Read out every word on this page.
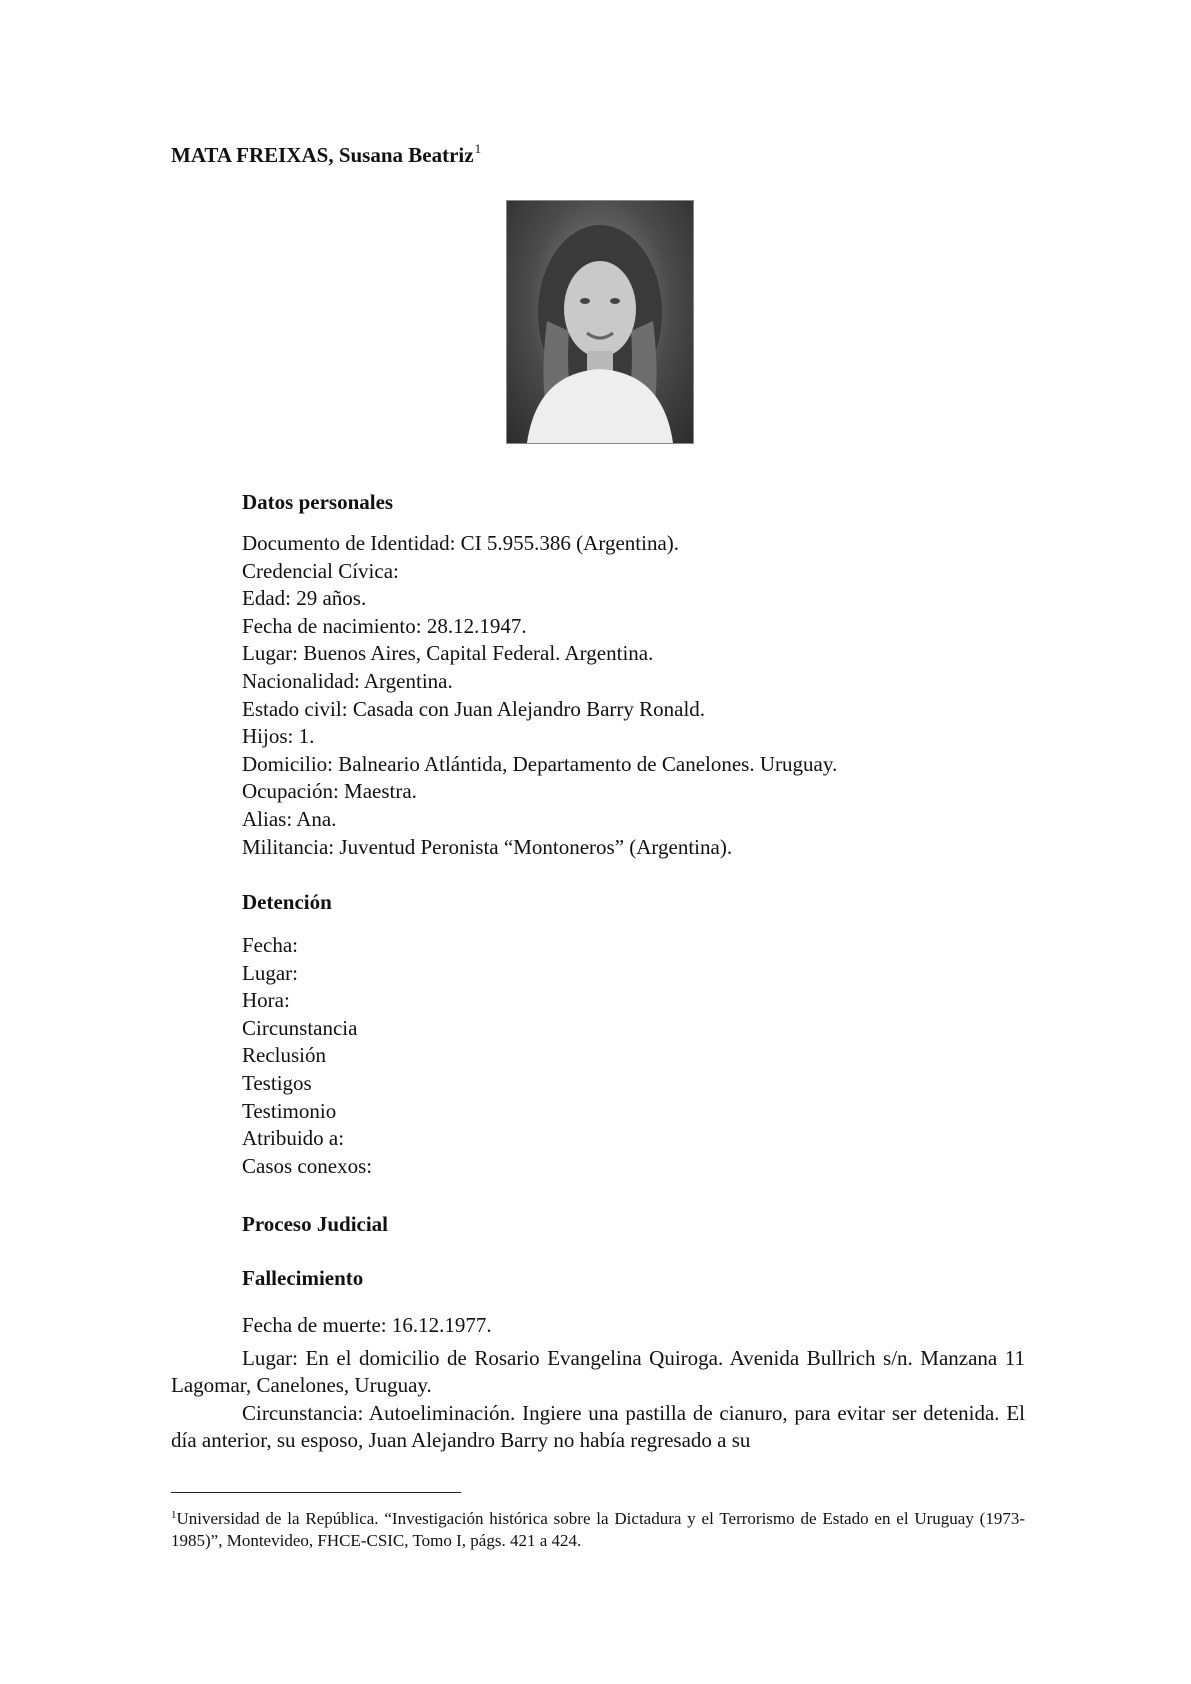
MATA FREIXAS, Susana Beatriz$^1$
Datos personales
Documento de Identidad: CI 5.955.386 (Argentina).
Credencial Cívica:
Edad: 29 años.
Fecha de nacimiento: 28.12.1947.
Lugar: Buenos Aires, Capital Federal. Argentina.
Nacionalidad: Argentina.
Estado civil: Casada con Juan Alejandro Barry Ronald.
Hijos: 1.
Domicilio: Balneario Atlántida, Departamento de Canelones. Uruguay.
Ocupación: Maestra.
Alias: Ana.
Militancia: Juventud Peronista “Montoneros” (Argentina).
Detención
Fecha:
Lugar:
Hora:
Circunstancia
Reclusión
Testigos
Testimonio
Atribuido a:
Casos conexos:
Proceso Judicial
Fallecimiento
Fecha de muerte: 16.12.1977.
Lugar: En el domicilio de Rosario Evangelina Quiroga. Avenida Bullrich s/n. Manzana 11 Lagomar, Canelones, Uruguay.
Circunstancia: Autoeliminación. Ingiere una pastilla de cianuro, para evitar ser detenida. El día anterior, su esposo, Juan Alejandro Barry no había regresado a su
$^1$Universidad de la República. “Investigación histórica sobre la Dictadura y el Terrorismo de Estado en el Uruguay (1973-1985)”, Montevideo, FHCE-CSIC, Tomo I, págs. 421 a 424.
